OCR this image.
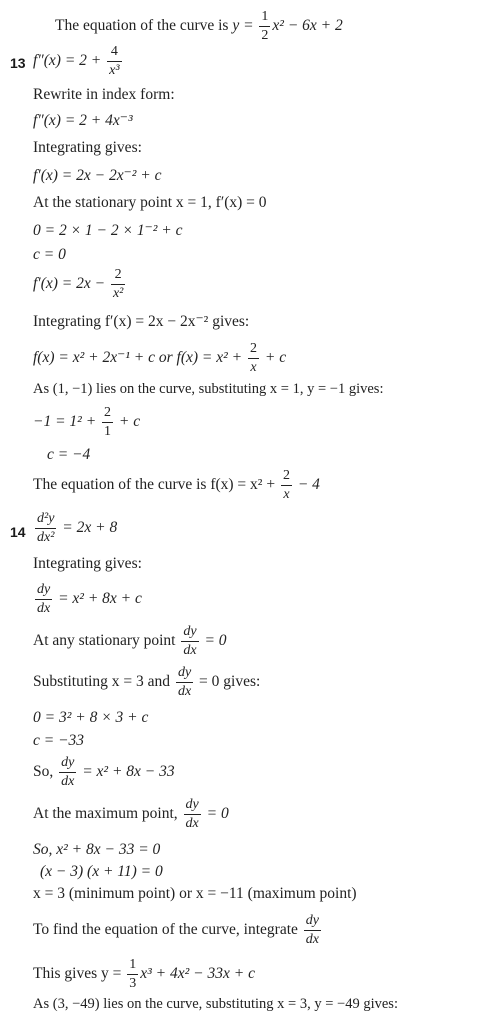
The equation of the curve is $y = \frac{1}{2} x^2 - 6x + 2$
13 $f''(x) = 2 + \frac{4}{\text{x³}}$
Rewrite in index form:
f″(x) = 2 + 4x⁻³
Integrating gives:
f′(x) = 2x − 2x⁻² + c
At the stationary point x = 1, f′(x) = 0
0 = 2 × 1 − 2 × 1⁻² + c
c = 0
$f'(x) = 2x - \frac{2}{\text{x²}}$
Integrating f′(x) = 2x − 2x⁻² gives:
f(x) = x² + 2x⁻¹ + c or $f(x) = x^2 + \frac{2}{x} + c$
As (1, −1) lies on the curve, substituting x = 1, y = −1 gives:
$-1 = 1^2 + \frac{2}{1} + c$
c = −4
The equation of the curve is $f(x) = x^2 + \frac{2}{x} - 4$
$14 \frac{\text{d²y}}{\text{dx²}} = 2x + 8$
Integrating gives:
$\frac{dy}{dx} = x^2 + 8x + c$
At any stationary point $\frac{dy}{dx} = 0$
Substituting x = 3 and $\frac{dy}{dx} = 0$ gives:
0 = 3² + 8 × 3 + c
c = −33
So, $\frac{dy}{dx} = x^2 + 8x - 33$
At the maximum point, $\frac{dy}{dx} = 0$
So, x² + 8x − 33 = 0
(x − 3) (x + 11) = 0
x = 3 (minimum point) or x = −11 (maximum point)
To find the equation of the curve, integrate $\frac{dy}{dx}$
This gives $y = \frac{1}{3} x^3 + 4x^2 - 33x + c$
As (3, −49) lies on the curve, substituting x = 3, y = −49 gives:
